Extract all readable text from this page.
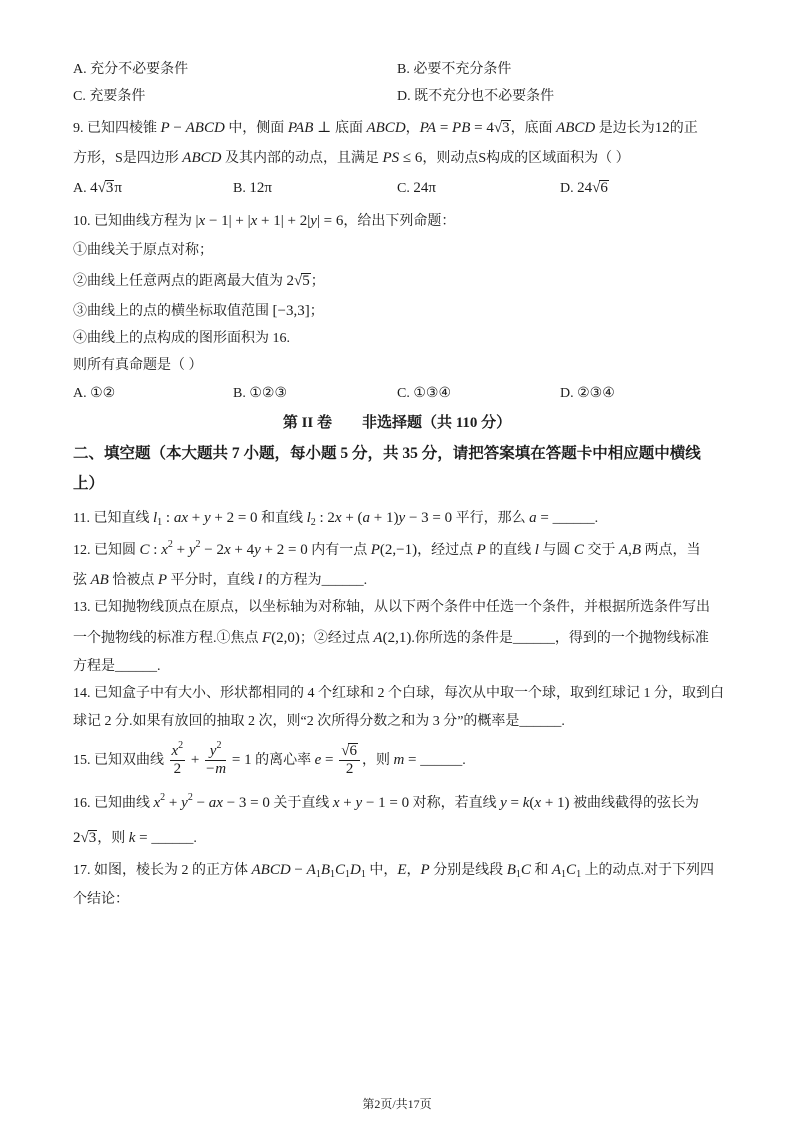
A. 充分不必要条件	B. 必要不充分条件
C. 充要条件	D. 既不充分也不必要条件
9. 已知四棱锥 P − ABCD 中，侧面 PAB ⊥ 底面 ABCD，PA = PB = 4√3，底面 ABCD 是边长为12的正
方形，S是四边形 ABCD 及其内部的动点，且满足 PS ≤ 6，则动点S构成的区域面积为（ ）
A. 4√3π	B. 12π	C. 24π	D. 24√6
10. 已知曲线方程为 |x − 1| + |x + 1| + 2|y| = 6，给出下列命题：
①曲线关于原点对称；
②曲线上任意两点的距离最大值为 2√5；
③曲线上的点的横坐标取值范围 [−3,3]；
④曲线上的点构成的图形面积为 16.
则所有真命题是（ ）
A. ①②	B. ①②③	C. ①③④	D. ②③④
第 II 卷 非选择题（共 110 分）
二、填空题（本大题共 7 小题，每小题 5 分，共 35 分，请把答案填在答题卡中相应题中横线
上）
11. 已知直线 $l_1$ : ax + y + 2 = 0 和直线 $l_2$ : 2x + (a + 1)y − 3 = 0 平行，那么 a = ______.
12. 已知圆 C : $x^2 + y^2 - 2x + 4y + 2 = 0$ 内有一点 P(2,−1)，经过点 P 的直线 l 与圆 C 交于 A,B 两点，当
弦 AB 恰被点 P 平分时，直线 l 的方程为______.
13. 已知抛物线顶点在原点，以坐标轴为对称轴，从以下两个条件中任选一个条件，并根据所选条件写出
一个抛物线的标准方程.①焦点 F(2,0)；②经过点 A(2,1).你所选的条件是______，得到的一个抛物线标准
方程是______.
14. 已知盒子中有大小、形状都相同的 4 个红球和 2 个白球，每次从中取一个球，取到红球记 1 分，取到白
球记 2 分.如果有放回的抽取 2 次，则“2 次所得分数之和为 3 分”的概率是______.
15. 已知双曲线 $\frac{x^2}{2} + \frac{y^2}{-m} = 1$ 的离心率 $e = \frac{√6}{2}$ ，则 m = ______.
16. 已知曲线 $x^2 + y^2$ − ax − 3 = 0 关于直线 x + y − 1 = 0 对称，若直线 y = k(x + 1) 被曲线截得的弦长为
2√3，则 k = ______.
17. 如图，棱长为 2 的正方体 ABCD − $A_1B_1C_1D_1$ 中，E，P 分别是线段 $B_1C$ 和 $A_1C_1$ 上的动点.对于下列四
个结论：
第2页/共17页
